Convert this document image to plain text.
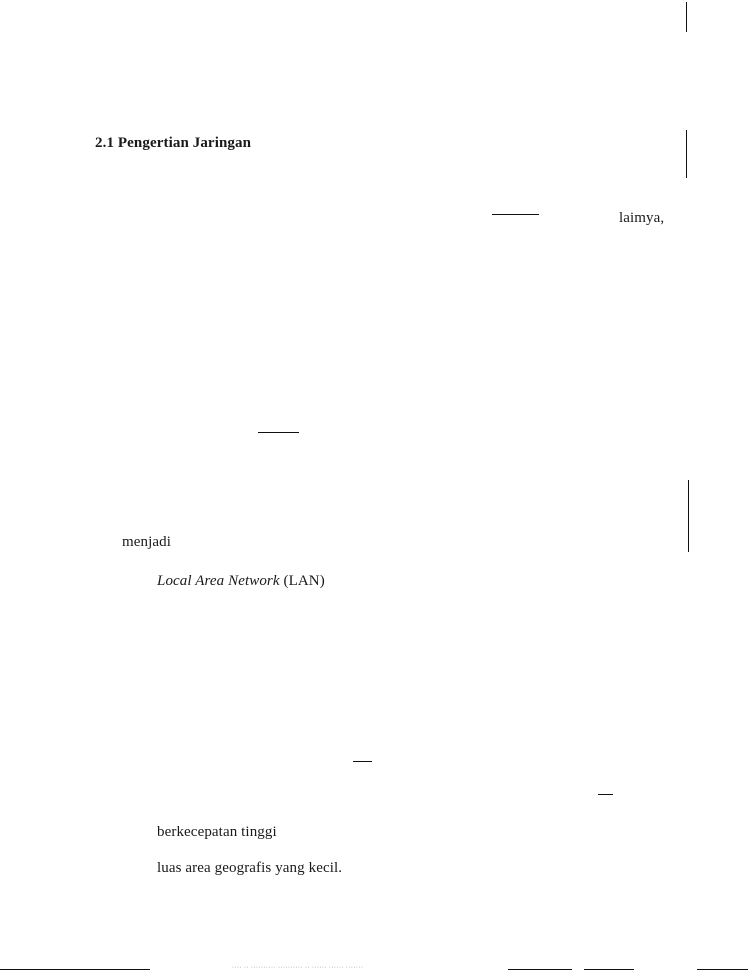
2.1 Pengertian Jaringan
laimya,
menjadi
Local Area Network (LAN)
berkecepatan tinggi
luas area geografis yang kecil.
···· ·· ·········· ·········· ·· ······ ······ ·······
